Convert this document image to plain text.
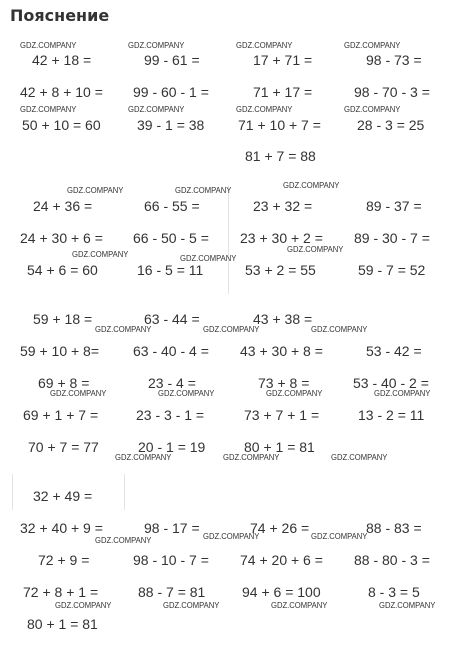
Пояснение
42 + 18 =	99 - 61 =	17 + 71 =	98 - 73 =
42 + 8 + 10 = 99 - 60 - 1 =	71 + 17 =	98 - 70 - 3 =
50 + 10 = 60	39 - 1 = 38 71 + 10 + 7 =	28 - 3 = 25
81 + 7 = 88
24 + 36 =	66 - 55 =	23 + 32 =	89 - 37 =
24 + 30 + 6 = 66 - 50 - 5 = 23 + 30 + 2 = 89 - 30 - 7 =
54 + 6 = 60	16 - 5 = 11	53 + 2 = 55	59 - 7 = 52
59 + 18 =	63 - 44 =	43 + 38 =
59 + 10 + 8= 63 - 40 - 4 = 43 + 30 + 8 =	53 - 42 =
69 + 8 =	23 - 4 =	73 + 8 =	53 - 40 - 2 =
69 + 1 + 7 =	23 - 3 - 1 =	73 + 7 + 1 =	13 - 2 = 11
70 + 7 = 77	20 - 1 = 19	80 + 1 = 81
32 + 49 =
32 + 40 + 9 =	98 - 17 =	74 + 26 =	88 - 83 =
72 + 9 =	98 - 10 - 7 = 74 + 20 + 6 = 88 - 80 - 3 =
72 + 8 + 1 =	88 - 7 = 81	94 + 6 = 100	8 - 3 = 5
80 + 1 = 81
GDZ.COMPANY	GDZ.COMPANY	GDZ.COMPANY	GDZ.COMPANY
GDZ.COMPANY	GDZ.COMPANY	GDZ.COMPANY	GDZ.COMPANY
GDZ.COMPANY	GDZ.COMPANY	GDZ.COMPANY
GDZ.COMPANY	GDZ.COMPANY
GDZ.COMPANY
GDZ.COMPANY	GDZ.COMPANY	GDZ.COMPANY
GDZ.COMPANY	GDZ.COMPANY	GDZ.COMPANY	GDZ.COMPANY
GDZ.COMPANY	GDZ.COMPANY	GDZ.COMPANY
GDZ.COMPANY	GDZ.COMPANY	GDZ.COMPANY
GDZ.COMPANY	GDZ.COMPANY	GDZ.COMPANY	GDZ.COMPANY
